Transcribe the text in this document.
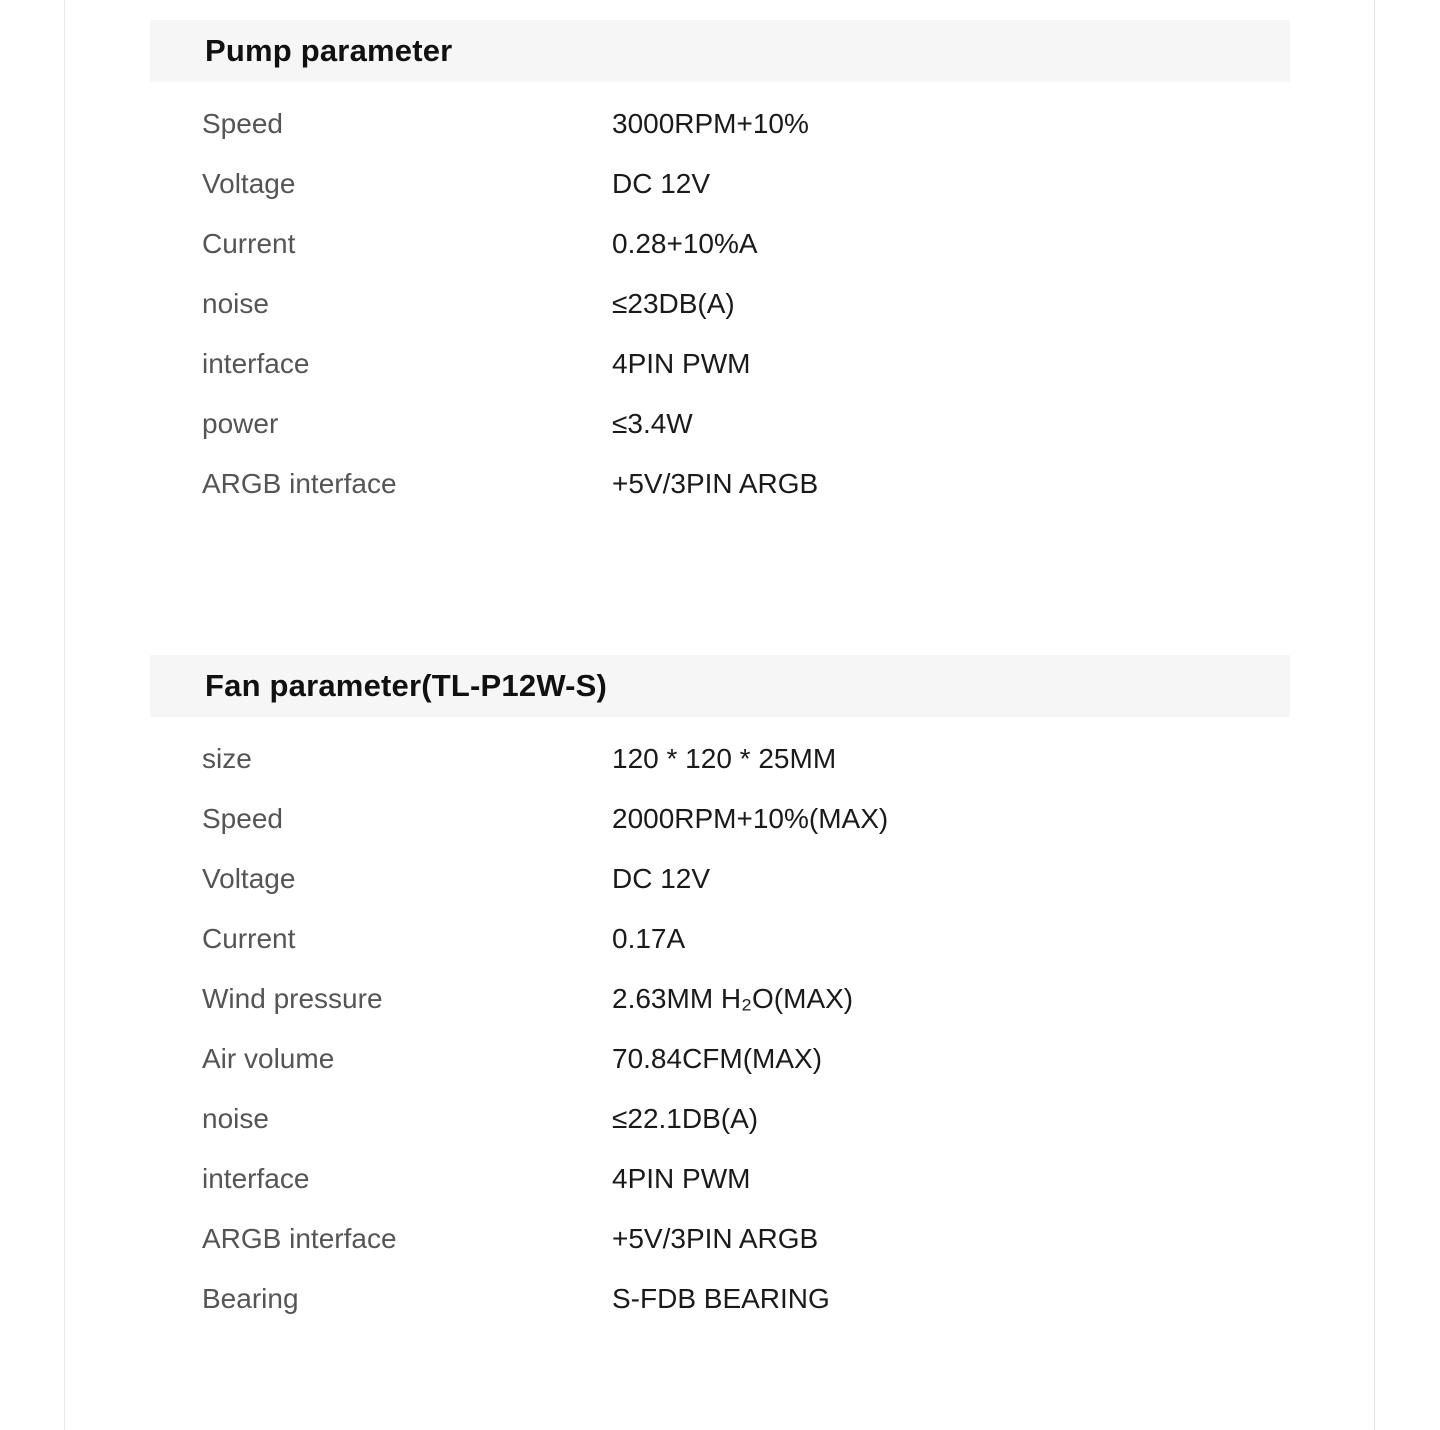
Pump parameter
Speed	3000RPM+10%
Voltage	DC 12V
Current	0.28+10%A
noise	≤23DB(A)
interface	4PIN PWM
power	≤3.4W
ARGB interface	+5V/3PIN ARGB
Fan parameter(TL-P12W-S)
size	120 * 120 * 25MM
Speed	2000RPM+10%(MAX)
Voltage	DC 12V
Current	0.17A
Wind pressure	2.63MM H₂O(MAX)
Air volume	70.84CFM(MAX)
noise	≤22.1DB(A)
interface	4PIN PWM
ARGB interface	+5V/3PIN ARGB
Bearing	S-FDB BEARING
